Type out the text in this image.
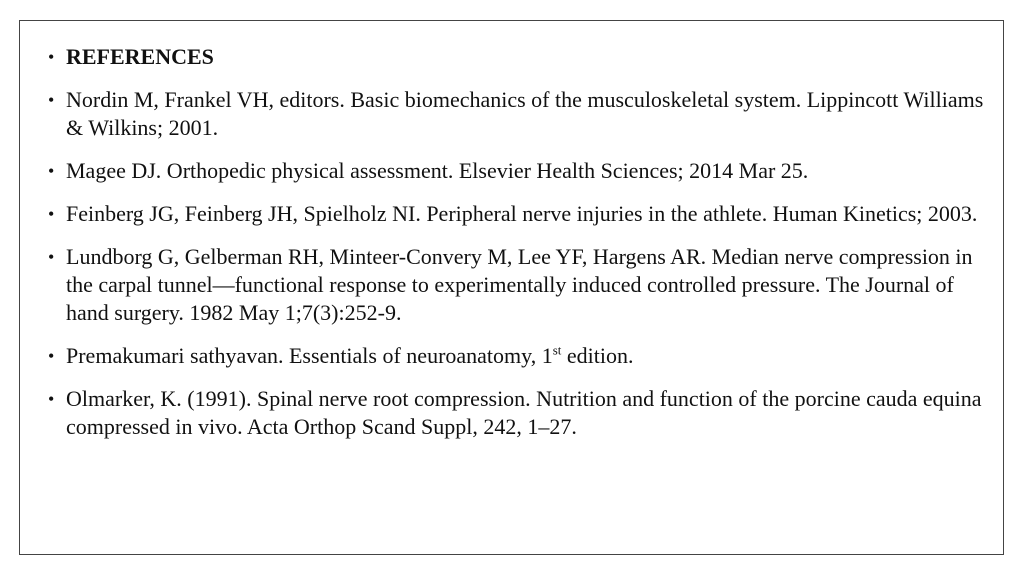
• REFERENCES
• Nordin M, Frankel VH, editors. Basic biomechanics of the musculoskeletal system. Lippincott Williams & Wilkins; 2001.
• Magee DJ. Orthopedic physical assessment. Elsevier Health Sciences; 2014 Mar 25.
• Feinberg JG, Feinberg JH, Spielholz NI. Peripheral nerve injuries in the athlete. Human Kinetics; 2003.
• Lundborg G, Gelberman RH, Minteer-Convery M, Lee YF, Hargens AR. Median nerve compression in the carpal tunnel—functional response to experimentally induced controlled pressure. The Journal of hand surgery. 1982 May 1;7(3):252-9.
• Premakumari sathyavan. Essentials of neuroanatomy, 1st edition.
• Olmarker, K. (1991). Spinal nerve root compression. Nutrition and function of the porcine cauda equina compressed in vivo. Acta Orthop Scand Suppl, 242, 1–27.
